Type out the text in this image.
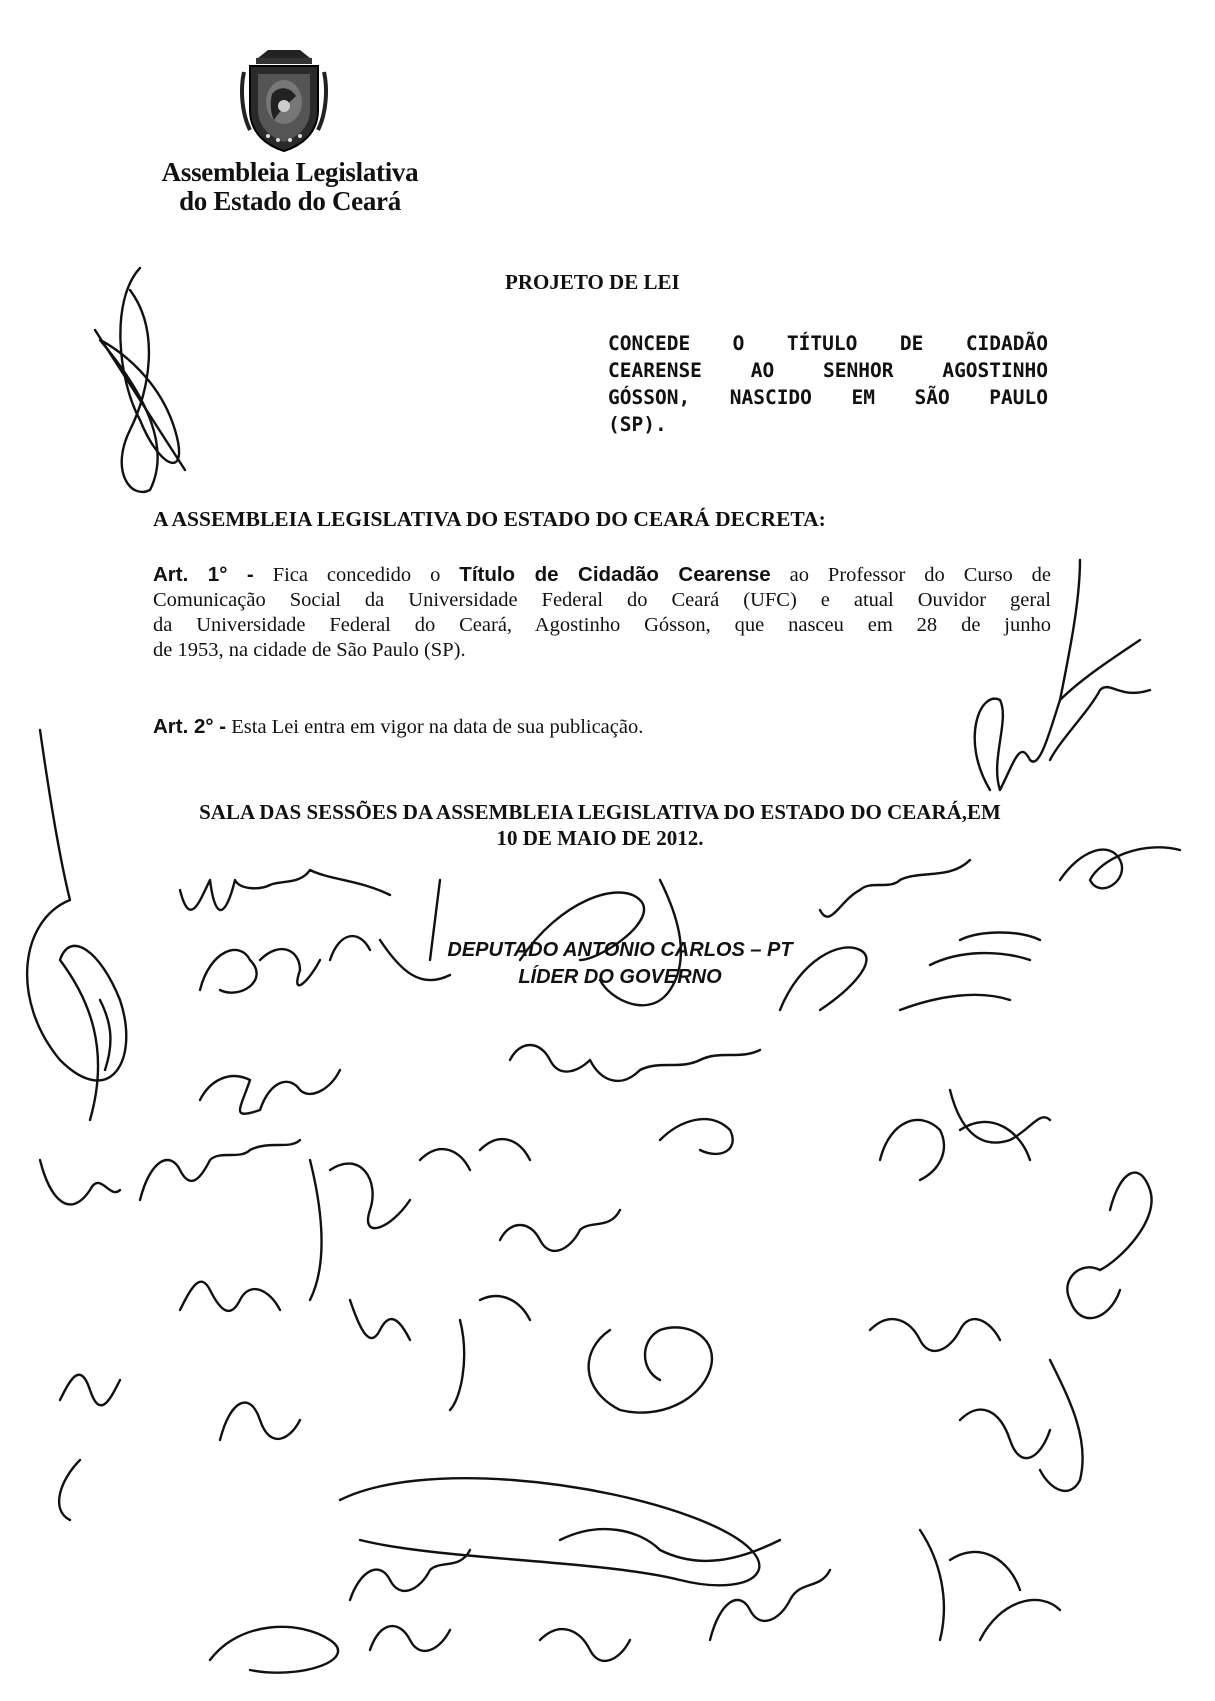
Assembleia Legislativa
do Estado do Ceará
PROJETO DE LEI
CONCEDE O TÍTULO DE CIDADÃO
CEARENSE AO SENHOR AGOSTINHO
GÓSSON, NASCIDO EM SÃO PAULO
(SP).
A ASSEMBLEIA LEGISLATIVA DO ESTADO DO CEARÁ DECRETA:
Art. 1° - Fica concedido o Título de Cidadão Cearense ao Professor do Curso de
Comunicação Social da Universidade Federal do Ceará (UFC) e atual Ouvidor geral
da Universidade Federal do Ceará, Agostinho Gósson, que nasceu em 28 de junho
de 1953, na cidade de São Paulo (SP).
Art. 2° - Esta Lei entra em vigor na data de sua publicação.
SALA DAS SESSÕES DA ASSEMBLEIA LEGISLATIVA DO ESTADO DO CEARÁ,EM
10 DE MAIO DE 2012.
DEPUTADO ANTONIO CARLOS – PT
LÍDER DO GOVERNO
